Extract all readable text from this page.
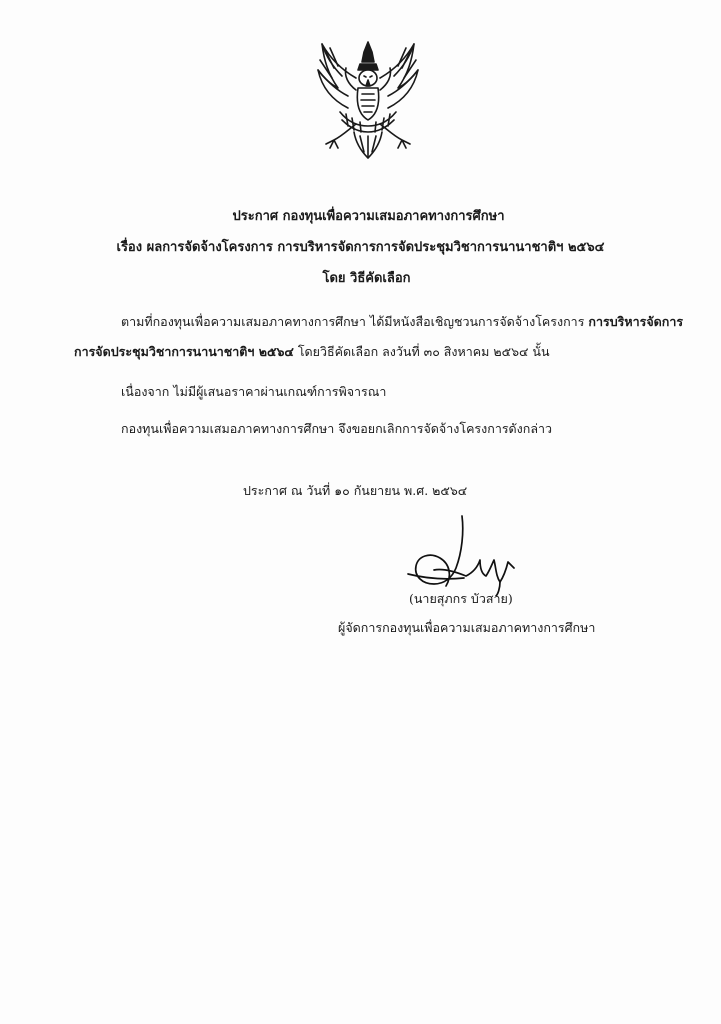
ประกาศ กองทุนเพื่อความเสมอภาคทางการศึกษา
เรื่อง ผลการจัดจ้างโครงการ การบริหารจัดการการจัดประชุมวิชาการนานาชาติฯ ๒๕๖๔
โดย วิธีคัดเลือก
ตามที่กองทุนเพื่อความเสมอภาคทางการศึกษา ได้มีหนังสือเชิญชวนการจัดจ้างโครงการ การบริหารจัดการ
การจัดประชุมวิชาการนานาชาติฯ ๒๕๖๔ โดยวิธีคัดเลือก ลงวันที่ ๓๐ สิงหาคม ๒๕๖๔ นั้น
เนื่องจาก ไม่มีผู้เสนอราคาผ่านเกณฑ์การพิจารณา
กองทุนเพื่อความเสมอภาคทางการศึกษา จึงขอยกเลิกการจัดจ้างโครงการดังกล่าว
ประกาศ ณ วันที่ ๑๐ กันยายน พ.ศ. ๒๕๖๔
(นายสุภกร บัวสาย)
ผู้จัดการกองทุนเพื่อความเสมอภาคทางการศึกษา
